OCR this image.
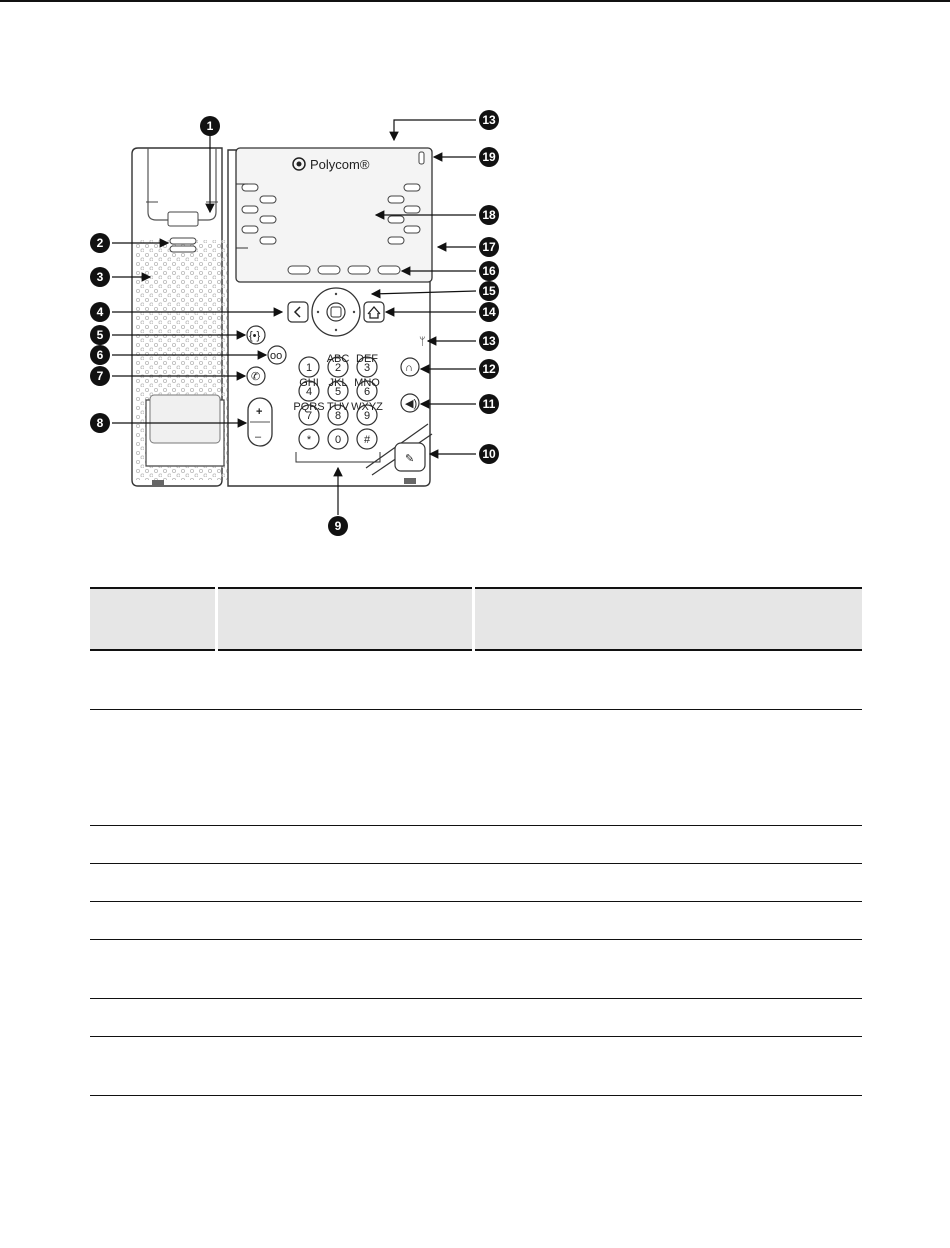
Polycom®
{•}
oo
✆
+
–
1 2
ABC
3
DEF
4
GHI
5
JKL
6
MNO
7
PQRS
8
TUV
9
WXYZ
* 0 #
∩
◀)
ᛘ
✎
1
2
3
4
5
6
7
8
9
10
11
12
13
14
15
16
17
18
19
13
